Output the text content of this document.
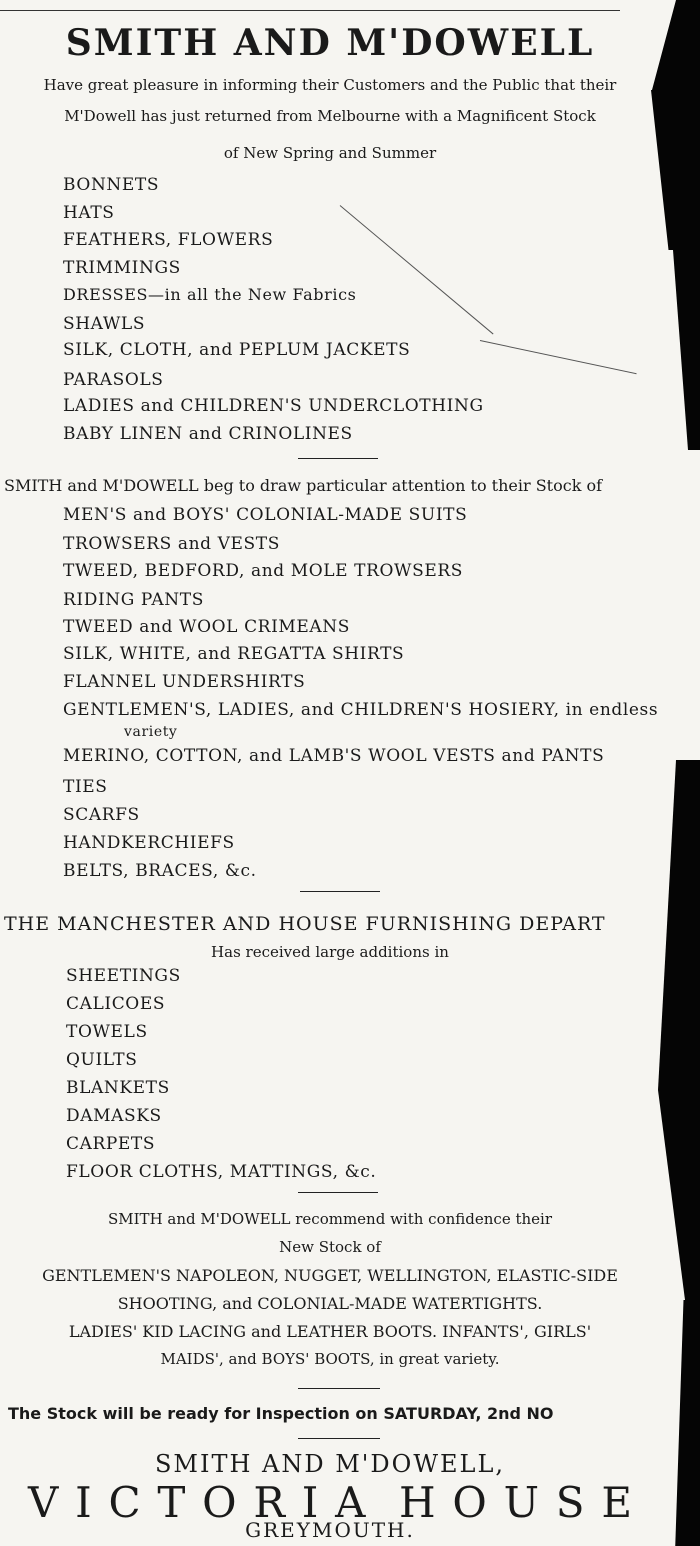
SMITH AND M'DOWELL
Have great pleasure in informing their Customers and the Public that their
M'Dowell has just returned from Melbourne with a Magnificent Stock
of New Spring and Summer
BONNETS
HATS
FEATHERS, FLOWERS
TRIMMINGS
DRESSES—in all the New Fabrics
SHAWLS
SILK, CLOTH, and PEPLUM JACKETS
PARASOLS
LADIES and CHILDREN'S UNDERCLOTHING
BABY LINEN and CRINOLINES
SMITH and M'DOWELL beg to draw particular attention to their Stock of
MEN'S and BOYS' COLONIAL-MADE SUITS
TROWSERS and VESTS
TWEED, BEDFORD, and MOLE TROWSERS
RIDING PANTS
TWEED and WOOL CRIMEANS
SILK, WHITE, and REGATTA SHIRTS
FLANNEL UNDERSHIRTS
GENTLEMEN'S, LADIES, and CHILDREN'S HOSIERY, in endless
variety
MERINO, COTTON, and LAMB'S WOOL VESTS and PANTS
TIES
SCARFS
HANDKERCHIEFS
BELTS, BRACES, &c.
THE MANCHESTER AND HOUSE FURNISHING DEPART
Has received large additions in
SHEETINGS
CALICOES
TOWELS
QUILTS
BLANKETS
DAMASKS
CARPETS
FLOOR CLOTHS, MATTINGS, &c.
SMITH and M'DOWELL recommend with confidence their
New Stock of
GENTLEMEN'S NAPOLEON, NUGGET, WELLINGTON, ELASTIC-SIDE
SHOOTING, and COLONIAL-MADE WATERTIGHTS.
LADIES' KID LACING and LEATHER BOOTS. INFANTS', GIRLS'
MAIDS', and BOYS' BOOTS, in great variety.
The Stock will be ready for Inspection on SATURDAY, 2nd NO
SMITH AND M'DOWELL,
V I C T O R I A H O U S E
GREYMOUTH.
